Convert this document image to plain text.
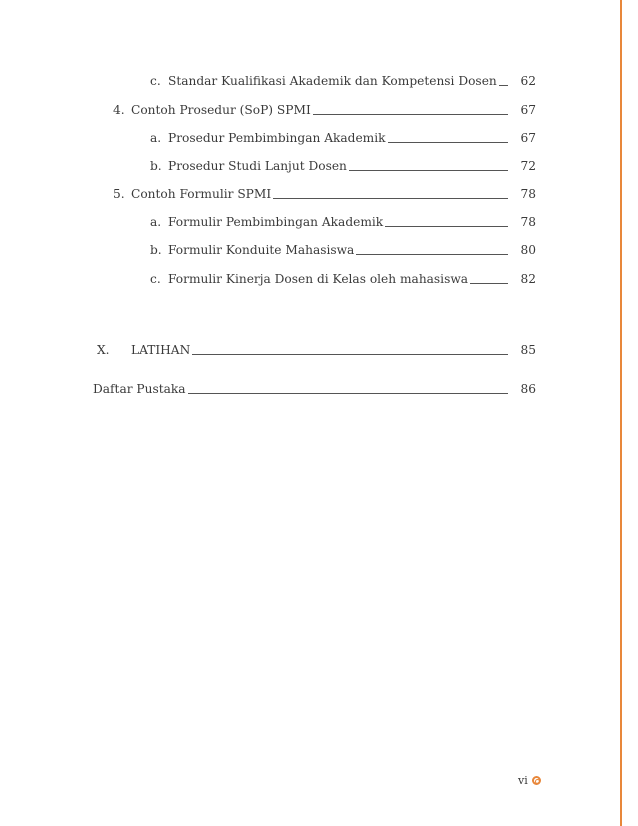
c. Standar Kualifikasi Akademik dan Kompetensi Dosen	62
4. Contoh Prosedur (SoP) SPMI	67
a. Prosedur Pembimbingan Akademik	67
b. Prosedur Studi Lanjut Dosen	72
5. Contoh Formulir SPMI	78
a. Formulir Pembimbingan Akademik	78
b. Formulir Konduite Mahasiswa	80
c. Formulir Kinerja Dosen di Kelas oleh mahasiswa	82
X.	LATIHAN	85
Daftar Pustaka	86
vi
